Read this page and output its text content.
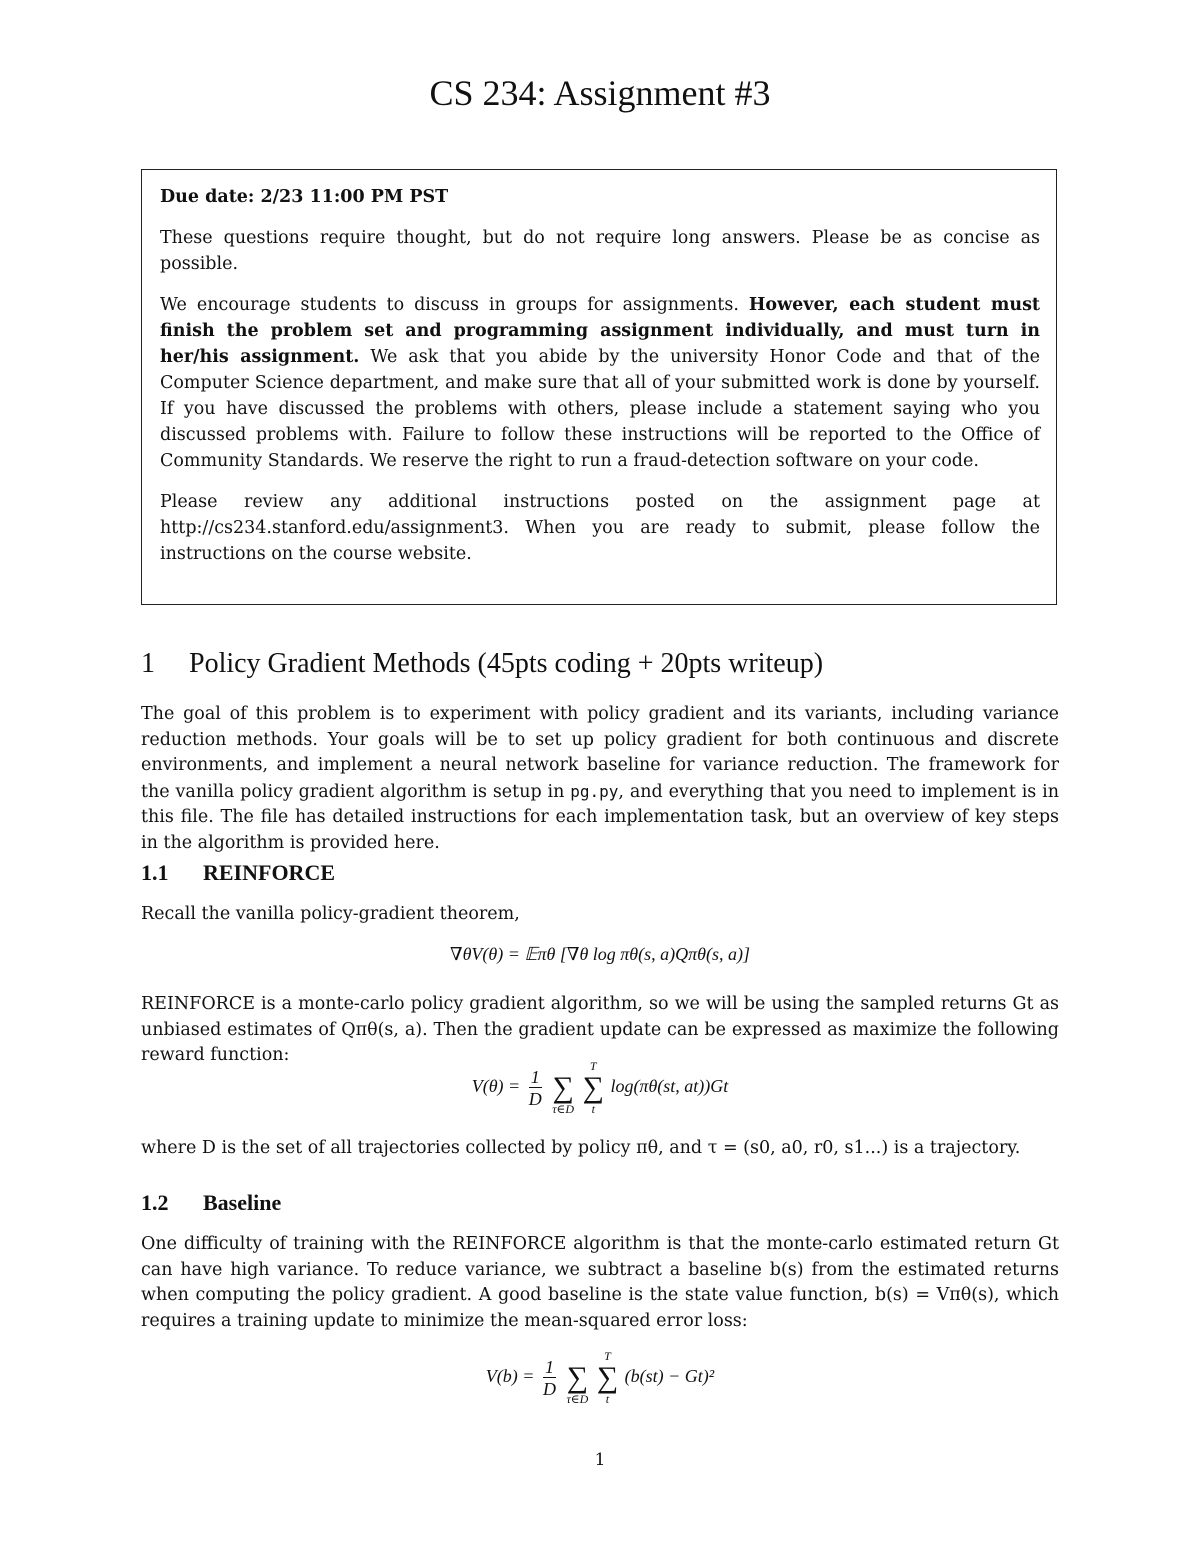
CS 234: Assignment #3

Due date: 2/23 11:00 PM PST

These questions require thought, but do not require long answers. Please be as concise as possible.

We encourage students to discuss in groups for assignments. However, each student must finish the problem set and programming assignment individually, and must turn in her/his assignment. We ask that you abide by the university Honor Code and that of the Computer Science department, and make sure that all of your submitted work is done by yourself. If you have discussed the problems with others, please include a statement saying who you discussed problems with. Failure to follow these instructions will be reported to the Office of Community Standards. We reserve the right to run a fraud-detection software on your code.

Please review any additional instructions posted on the assignment page at http://cs234.stanford.edu/assignment3. When you are ready to submit, please follow the instructions on the course website.

1 Policy Gradient Methods (45pts coding + 20pts writeup)
The goal of this problem is to experiment with policy gradient and its variants, including variance reduction methods. Your goals will be to set up policy gradient for both continuous and discrete environments, and implement a neural network baseline for variance reduction. The framework for the vanilla policy gradient algorithm is setup in pg.py, and everything that you need to implement is in this file. The file has detailed instructions for each implementation task, but an overview of key steps in the algorithm is provided here.
1.1 REINFORCE
Recall the vanilla policy-gradient theorem,
∇θV(θ) = 𝔼πθ [∇θ log πθ(s, a)Qπθ(s, a)]
REINFORCE is a monte-carlo policy gradient algorithm, so we will be using the sampled returns Gt as unbiased estimates of Qπθ(s, a). Then the gradient update can be expressed as maximize the following reward function:
$V(\theta) = \frac{1}{D}$

∑
τ∈D

T
∑
t
log(πθ(st, at))Gt
where D is the set of all trajectories collected by policy πθ, and τ = (s0, a0, r0, s1...) is a trajectory.
1.2 Baseline
One difficulty of training with the REINFORCE algorithm is that the monte-carlo estimated return Gt can have high variance. To reduce variance, we subtract a baseline b(s) from the estimated returns when computing the policy gradient. A good baseline is the state value function, b(s) = Vπθ(s), which requires a training update to minimize the mean-squared error loss:
$V(b) = \frac{1}{D}$

∑
τ∈D

T
∑
t
(b(st) − Gt)²
1
